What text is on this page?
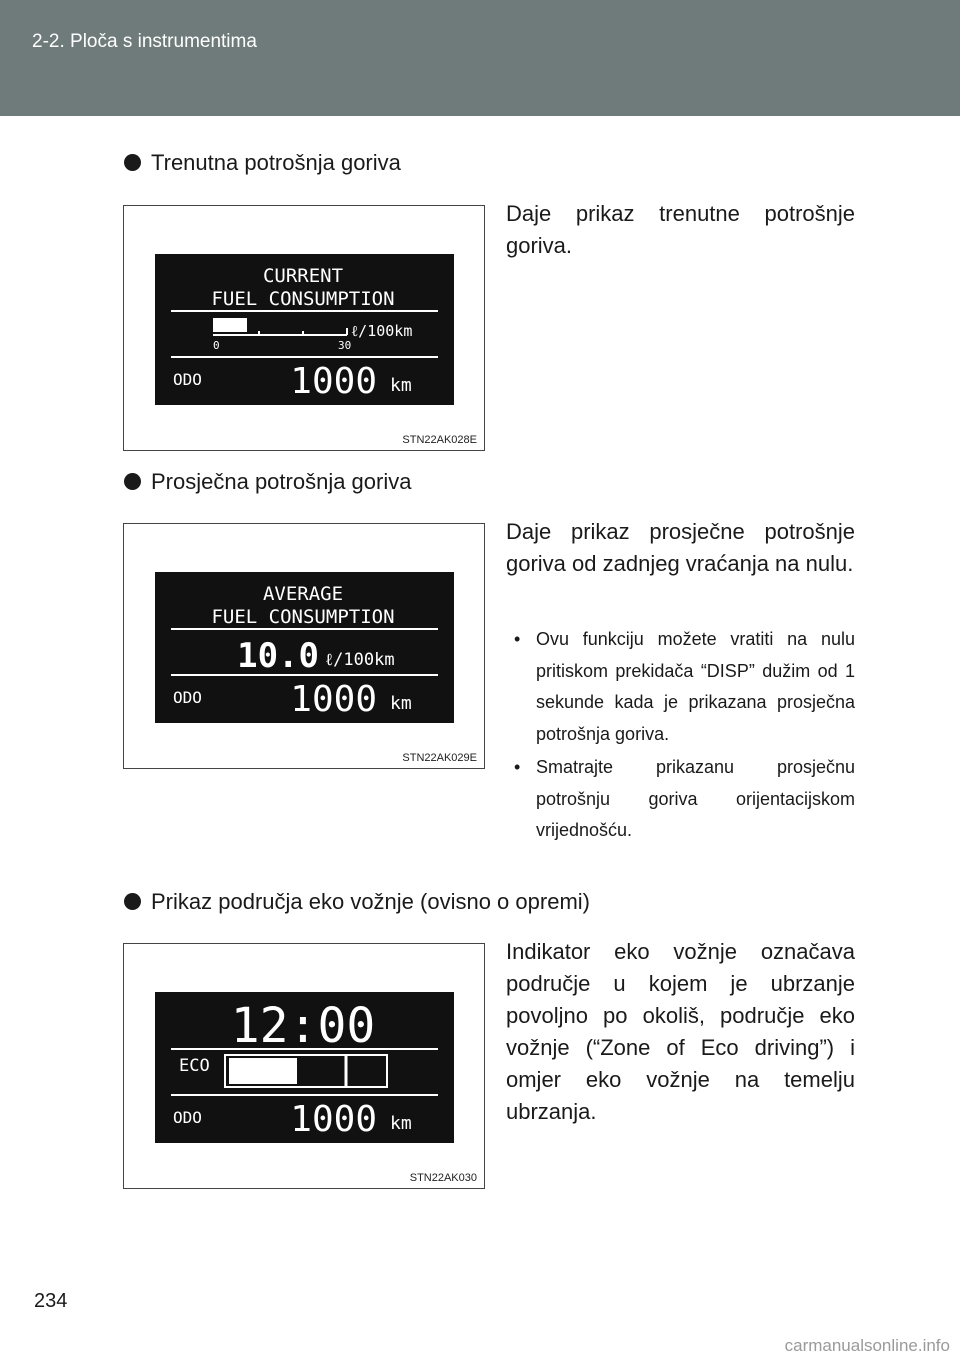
2-2. Ploča s instrumentima
Trenutna potrošnja goriva
CURRENT
FUEL CONSUMPTION
0	30
ℓ/100km
ODO 1000 km
STN22AK028E
Daje prikaz trenutne potrošnje goriva.
Prosječna potrošnja goriva
AVERAGE
FUEL CONSUMPTION
10.0 ℓ/100km
ODO 1000 km
STN22AK029E
Daje prikaz prosječne potrošnje goriva od zadnjeg vraćanja na nulu.
• Ovu funkciju možete vratiti na nulu pritiskom prekidača “DISP” dužim od 1 sekunde kada je prikazana prosječna potrošnja goriva.
• Smatrajte prikazanu prosječnu potrošnju goriva orijentacijskom vrijednošću.
Prikaz područja eko vožnje (ovisno o opremi)
12:00
ECO
ODO 1000 km
STN22AK030
Indikator eko vožnje označava područje u kojem je ubrzanje povoljno po okoliš, područje eko vožnje (“Zone of Eco driving”) i omjer eko vožnje na temelju ubrzanja.
234
carmanualsonline.info
